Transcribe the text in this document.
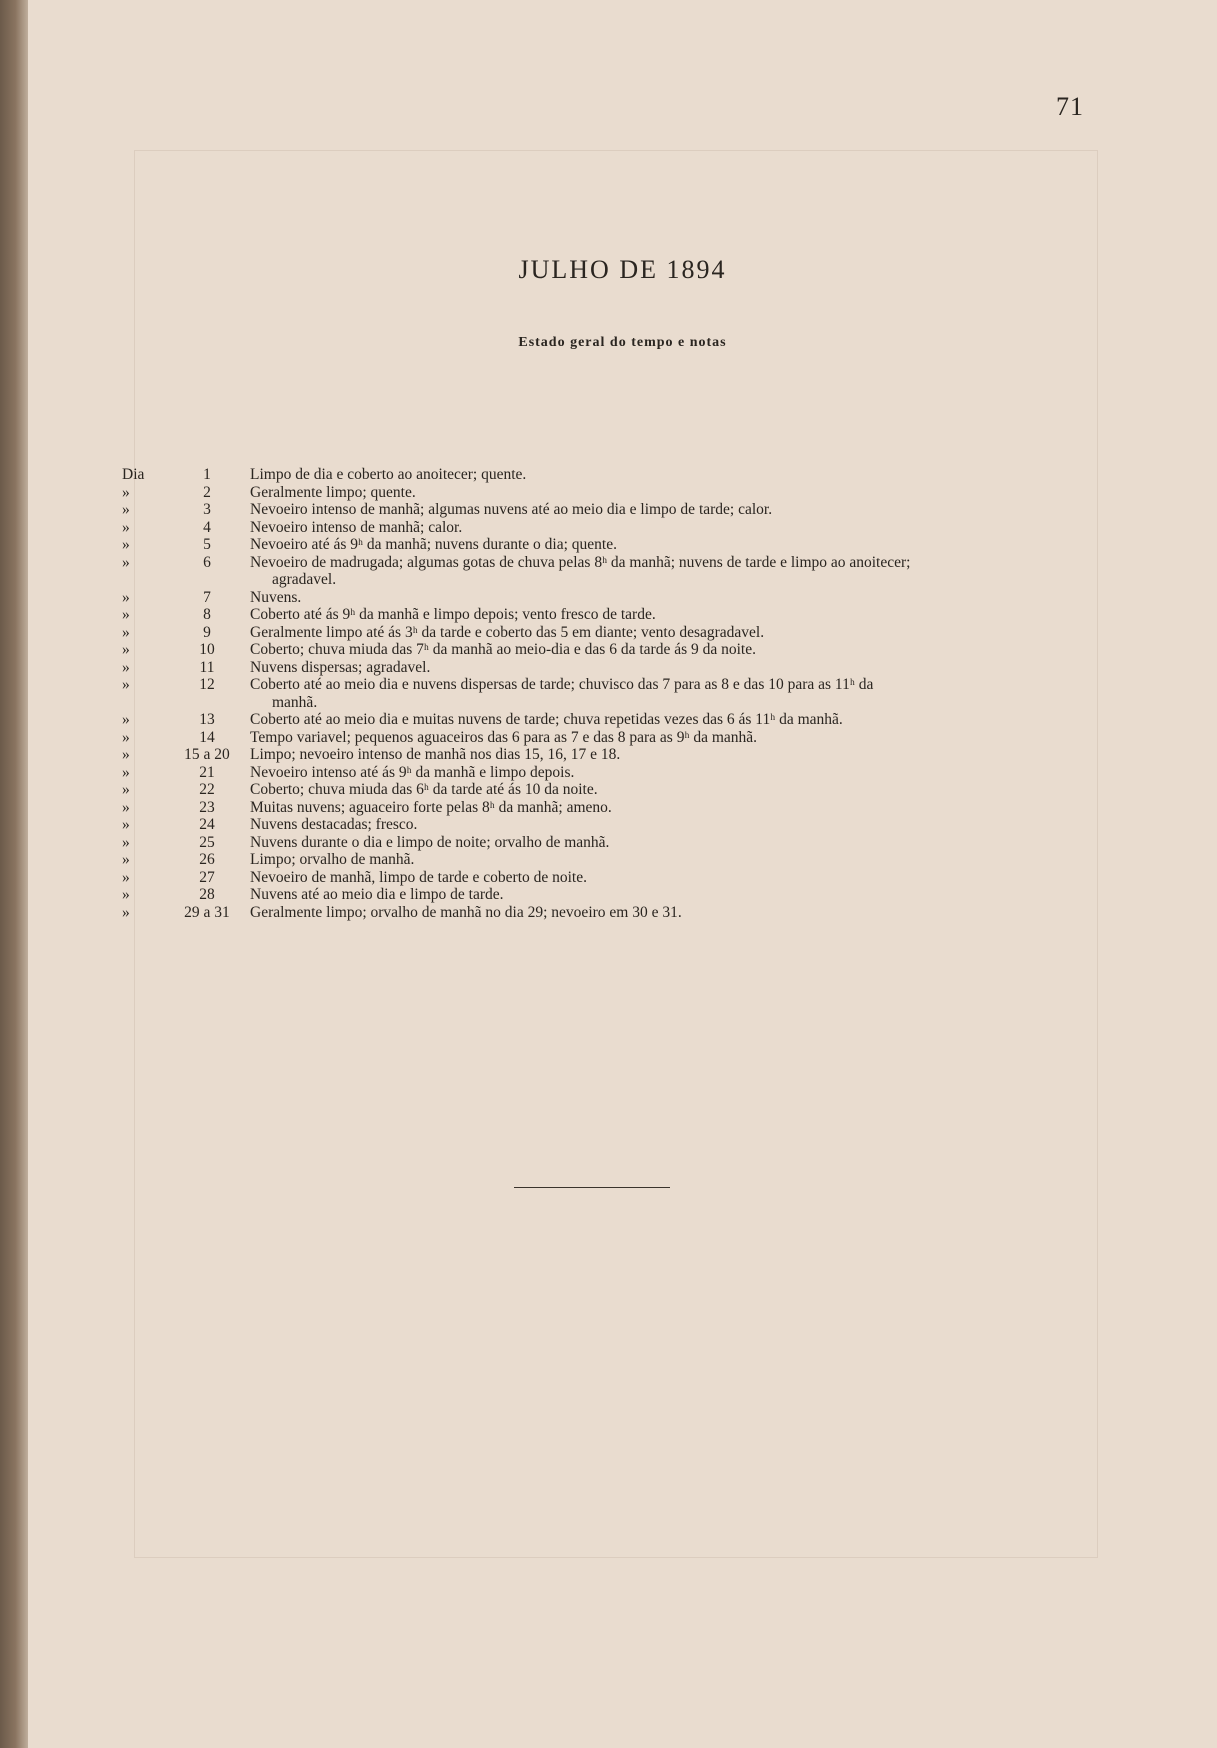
71
JULHO DE 1894
Estado geral do tempo e notas
Dia	1	Limpo de dia e coberto ao anoitecer; quente.
»	2	Geralmente limpo; quente.
»	3	Nevoeiro intenso de manhã; algumas nuvens até ao meio dia e limpo de tarde; calor.
»	4	Nevoeiro intenso de manhã; calor.
»	5	Nevoeiro até ás 9ʰ da manhã; nuvens durante o dia; quente.
»	6	Nevoeiro de madrugada; algumas gotas de chuva pelas 8ʰ da manhã; nuvens de tarde e limpo ao anoitecer;
agradavel.
»	7	Nuvens.
»	8	Coberto até ás 9ʰ da manhã e limpo depois; vento fresco de tarde.
»	9	Geralmente limpo até ás 3ʰ da tarde e coberto das 5 em diante; vento desagradavel.
»	10	Coberto; chuva miuda das 7ʰ da manhã ao meio-dia e das 6 da tarde ás 9 da noite.
»	11	Nuvens dispersas; agradavel.
»	12	Coberto até ao meio dia e nuvens dispersas de tarde; chuvisco das 7 para as 8 e das 10 para as 11ʰ da
manhã.
»	13	Coberto até ao meio dia e muitas nuvens de tarde; chuva repetidas vezes das 6 ás 11ʰ da manhã.
»	14	Tempo variavel; pequenos aguaceiros das 6 para as 7 e das 8 para as 9ʰ da manhã.
»	15 a 20	Limpo; nevoeiro intenso de manhã nos dias 15, 16, 17 e 18.
»	21	Nevoeiro intenso até ás 9ʰ da manhã e limpo depois.
»	22	Coberto; chuva miuda das 6ʰ da tarde até ás 10 da noite.
»	23	Muitas nuvens; aguaceiro forte pelas 8ʰ da manhã; ameno.
»	24	Nuvens destacadas; fresco.
»	25	Nuvens durante o dia e limpo de noite; orvalho de manhã.
»	26	Limpo; orvalho de manhã.
»	27	Nevoeiro de manhã, limpo de tarde e coberto de noite.
»	28	Nuvens até ao meio dia e limpo de tarde.
»	29 a 31	Geralmente limpo; orvalho de manhã no dia 29; nevoeiro em 30 e 31.
